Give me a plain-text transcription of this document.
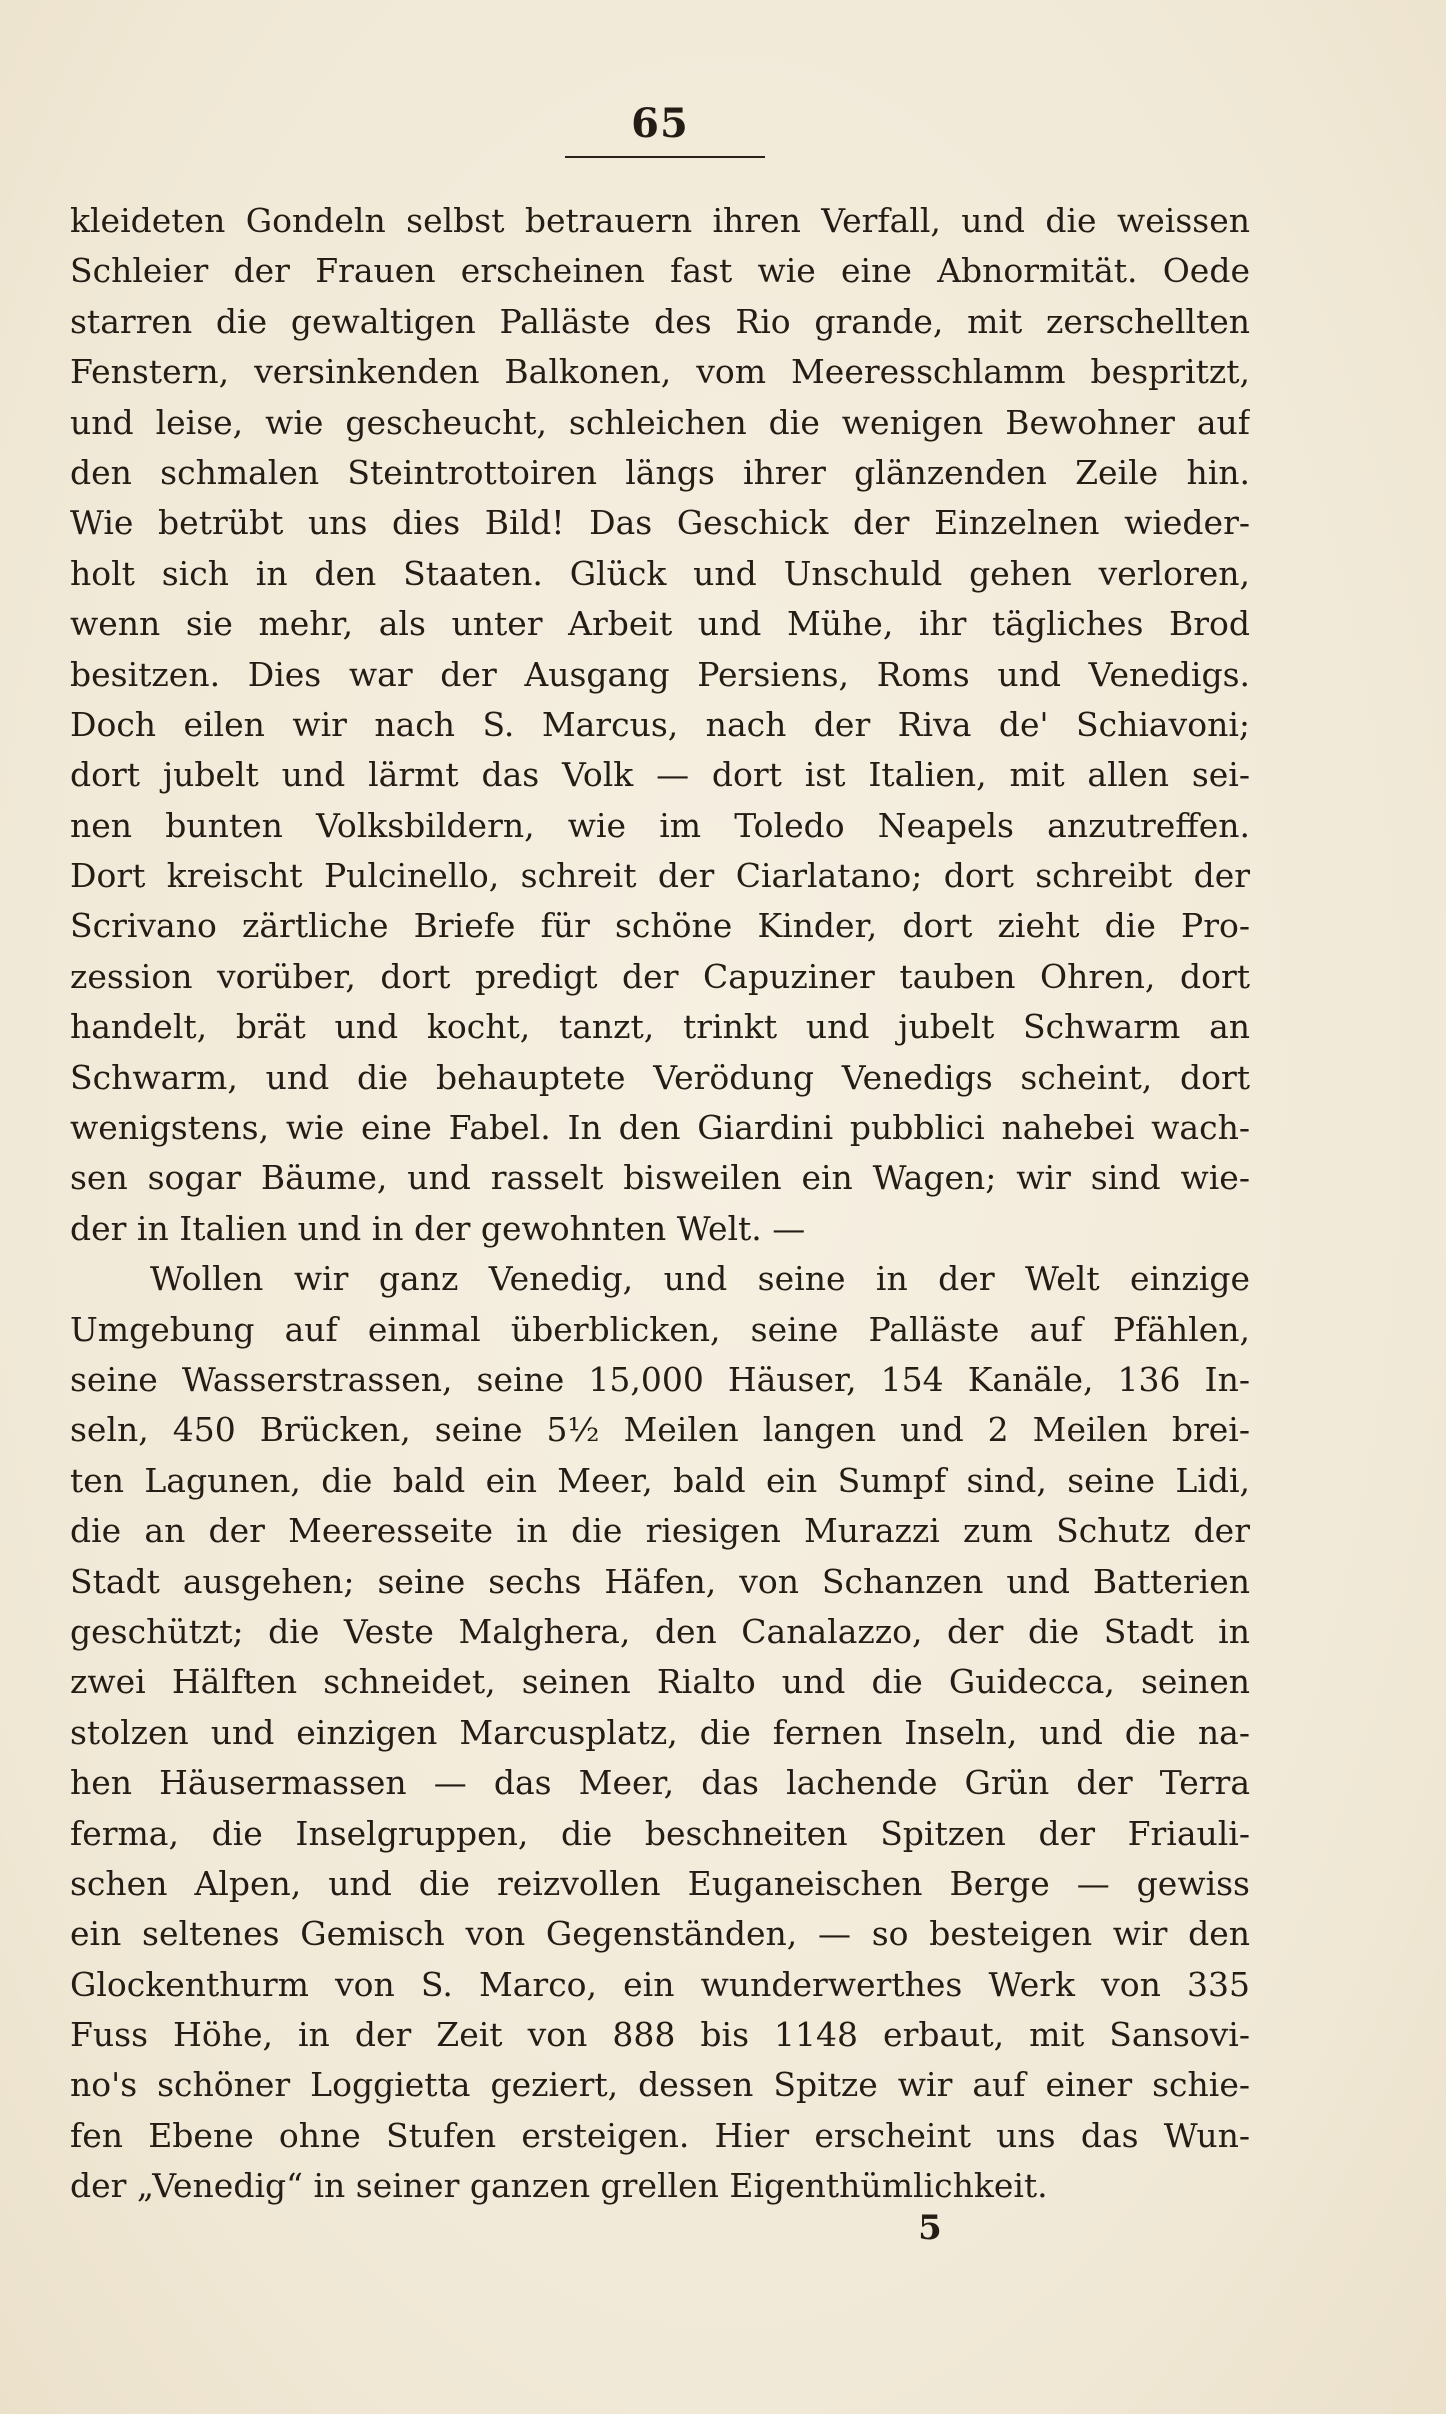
65
kleideten Gondeln selbst betrauern ihren Verfall, und die weissen
Schleier der Frauen erscheinen fast wie eine Abnormität. Oede
starren die gewaltigen Palläste des Rio grande, mit zerschellten
Fenstern, versinkenden Balkonen, vom Meeresschlamm bespritzt,
und leise, wie gescheucht, schleichen die wenigen Bewohner auf
den schmalen Steintrottoiren längs ihrer glänzenden Zeile hin.
Wie betrübt uns dies Bild! Das Geschick der Einzelnen wieder-
holt sich in den Staaten. Glück und Unschuld gehen verloren,
wenn sie mehr, als unter Arbeit und Mühe, ihr tägliches Brod
besitzen. Dies war der Ausgang Persiens, Roms und Venedigs.
Doch eilen wir nach S. Marcus, nach der Riva de' Schiavoni;
dort jubelt und lärmt das Volk — dort ist Italien, mit allen sei-
nen bunten Volksbildern, wie im Toledo Neapels anzutreffen.
Dort kreischt Pulcinello, schreit der Ciarlatano; dort schreibt der
Scrivano zärtliche Briefe für schöne Kinder, dort zieht die Pro-
zession vorüber, dort predigt der Capuziner tauben Ohren, dort
handelt, brät und kocht, tanzt, trinkt und jubelt Schwarm an
Schwarm, und die behauptete Verödung Venedigs scheint, dort
wenigstens, wie eine Fabel. In den Giardini pubblici nahebei wach-
sen sogar Bäume, und rasselt bisweilen ein Wagen; wir sind wie-
der in Italien und in der gewohnten Welt. —
Wollen wir ganz Venedig, und seine in der Welt einzige
Umgebung auf einmal überblicken, seine Palläste auf Pfählen,
seine Wasserstrassen, seine 15,000 Häuser, 154 Kanäle, 136 In-
seln, 450 Brücken, seine 5½ Meilen langen und 2 Meilen brei-
ten Lagunen, die bald ein Meer, bald ein Sumpf sind, seine Lidi,
die an der Meeresseite in die riesigen Murazzi zum Schutz der
Stadt ausgehen; seine sechs Häfen, von Schanzen und Batterien
geschützt; die Veste Malghera, den Canalazzo, der die Stadt in
zwei Hälften schneidet, seinen Rialto und die Guidecca, seinen
stolzen und einzigen Marcusplatz, die fernen Inseln, und die na-
hen Häusermassen — das Meer, das lachende Grün der Terra
ferma, die Inselgruppen, die beschneiten Spitzen der Friauli-
schen Alpen, und die reizvollen Euganeischen Berge — gewiss
ein seltenes Gemisch von Gegenständen, — so besteigen wir den
Glockenthurm von S. Marco, ein wunderwerthes Werk von 335
Fuss Höhe, in der Zeit von 888 bis 1148 erbaut, mit Sansovi-
no's schöner Loggietta geziert, dessen Spitze wir auf einer schie-
fen Ebene ohne Stufen ersteigen. Hier erscheint uns das Wun-
der „Venedig“ in seiner ganzen grellen Eigenthümlichkeit.
5
